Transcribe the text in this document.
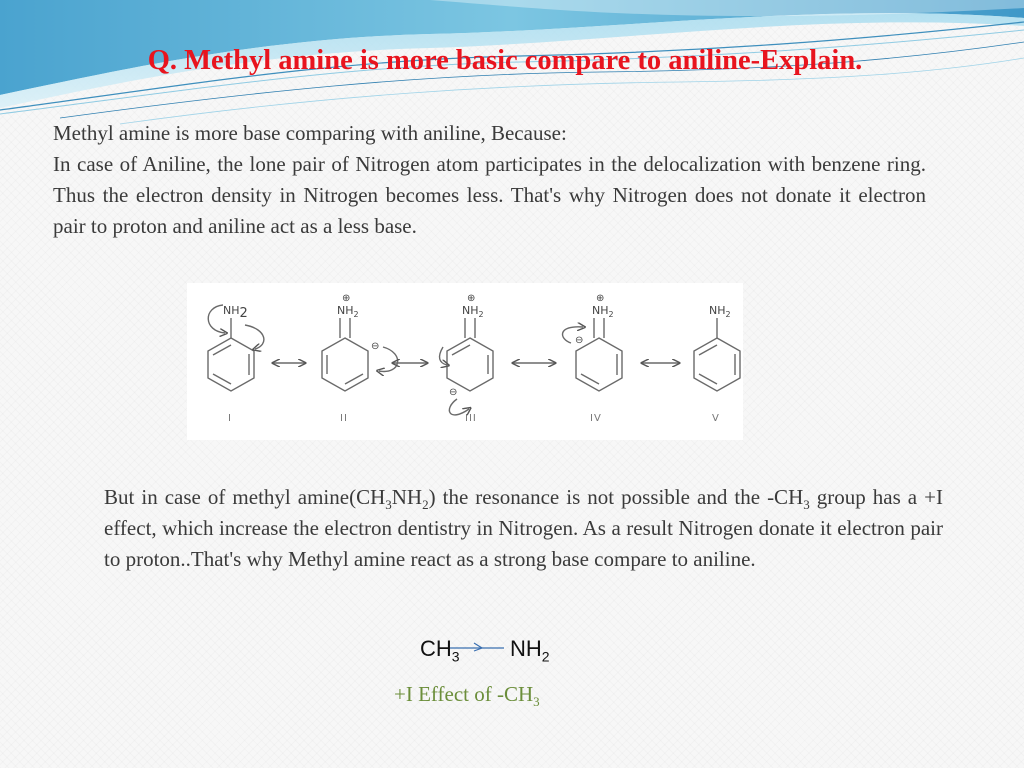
Q. Methyl amine is more basic compare to aniline-Explain.

Methyl amine is more base comparing with aniline, Because:
In case of Aniline, the lone pair of Nitrogen atom participates in the delocalization with benzene ring. Thus the electron density in Nitrogen becomes less. That's why Nitrogen does not donate it electron pair to proton and aniline act as a less base.

NH2	$NH_2$	$NH_2$	$NH_2$	$NH_2$
⊕	⊕	⊕
⊖
⊖
⊖
I	II	III	IV	V

But in case of methyl $amine(CH_3NH_2)$ the resonance is not possible and the $-CH_3$ group has a +I effect, which increase the electron dentistry in Nitrogen. As a result Nitrogen donate it electron pair to proton..That's why Methyl amine react as a strong base compare to aniline.

$CH_3$ $NH_2$
+I Effect of $-CH_3$
